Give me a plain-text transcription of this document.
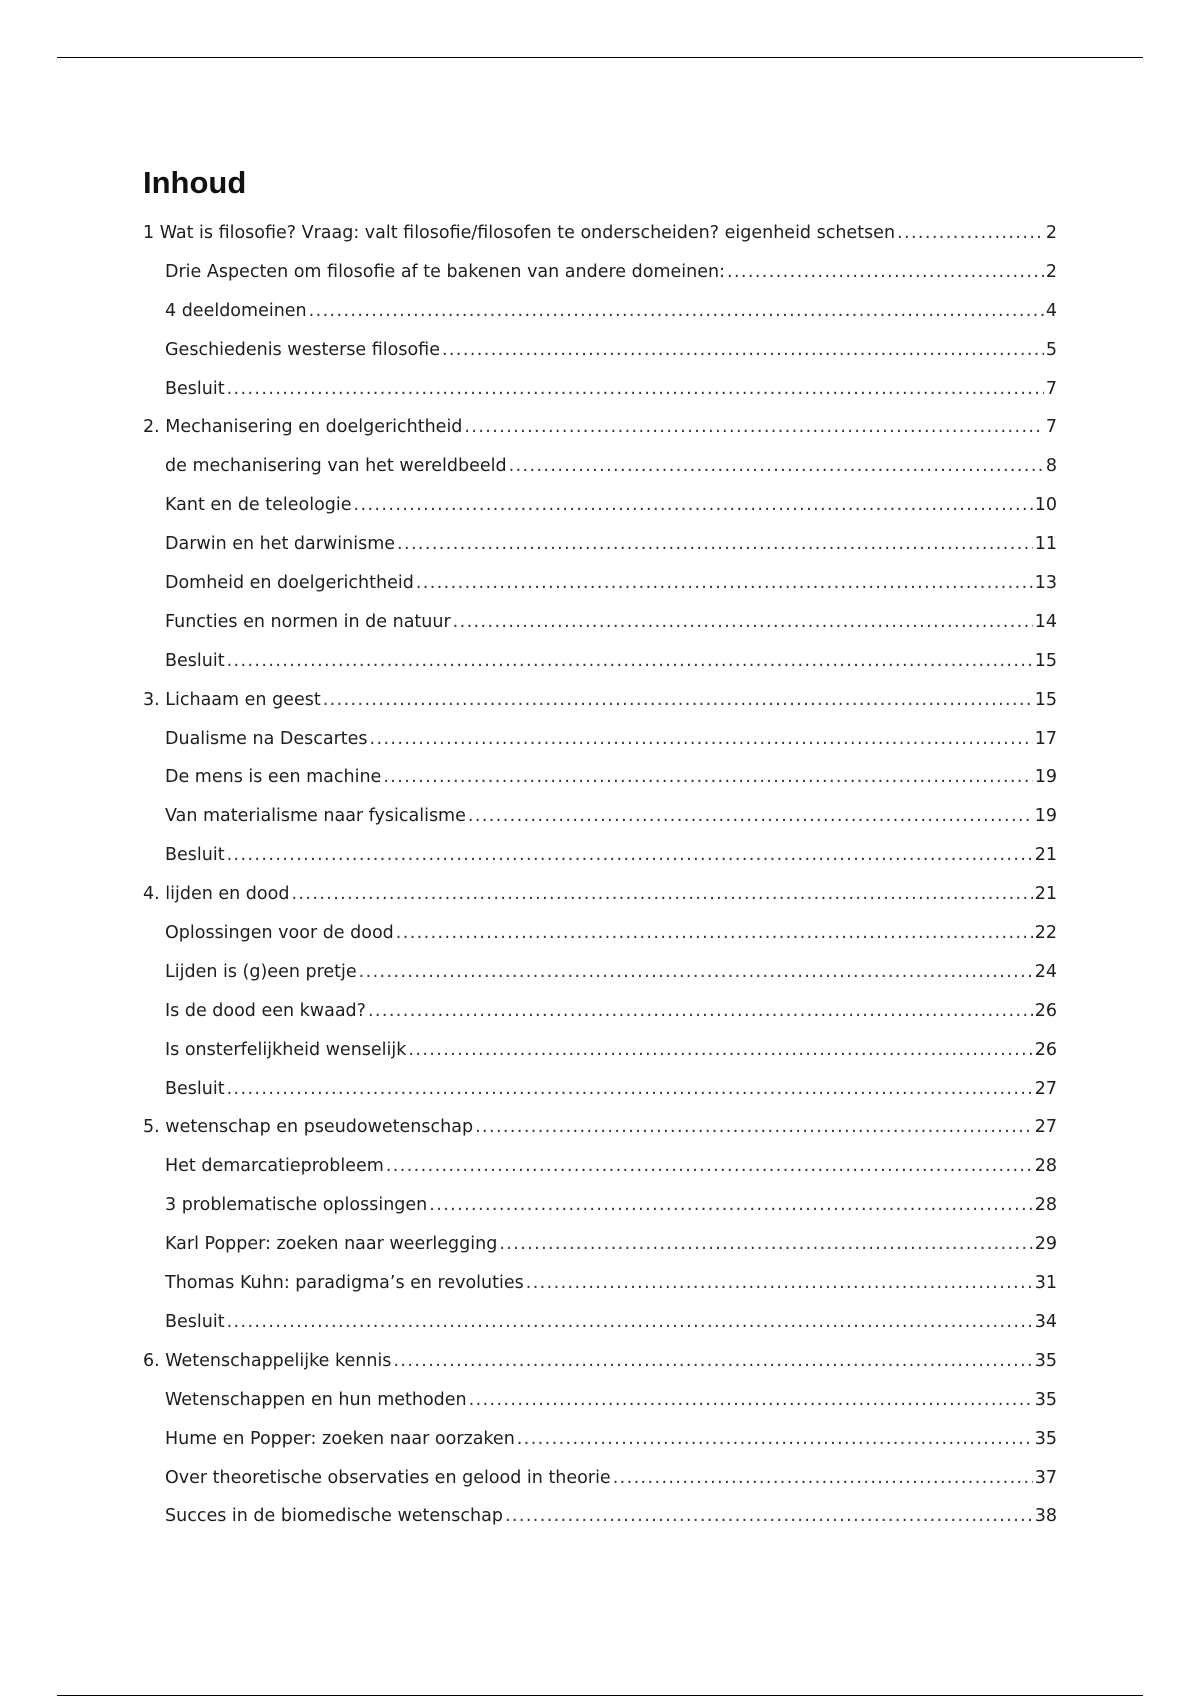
Inhoud
1 Wat is filosofie? Vraag: valt filosofie/filosofen te onderscheiden? eigenheid schetsen .....	2
Drie Aspecten om filosofie af te bakenen van andere domeinen: .....	2
4 deeldomeinen .....	4
Geschiedenis westerse filosofie .....	5
Besluit .....	7
2. Mechanisering en doelgerichtheid .....	7
de mechanisering van het wereldbeeld .....	8
Kant en de teleologie .....	10
Darwin en het darwinisme .....	11
Domheid en doelgerichtheid .....	13
Functies en normen in de natuur .....	14
Besluit .....	15
3. Lichaam en geest .....	15
Dualisme na Descartes .....	17
De mens is een machine .....	19
Van materialisme naar fysicalisme .....	19
Besluit .....	21
4. lijden en dood .....	21
Oplossingen voor de dood .....	22
Lijden is (g)een pretje .....	24
Is de dood een kwaad? .....	26
Is onsterfelijkheid wenselijk .....	26
Besluit .....	27
5. wetenschap en pseudowetenschap .....	27
Het demarcatieprobleem .....	28
3 problematische oplossingen .....	28
Karl Popper: zoeken naar weerlegging .....	29
Thomas Kuhn: paradigma’s en revoluties .....	31
Besluit .....	34
6. Wetenschappelijke kennis .....	35
Wetenschappen en hun methoden .....	35
Hume en Popper: zoeken naar oorzaken .....	35
Over theoretische observaties en gelood in theorie .....	37
Succes in de biomedische wetenschap .....	38
